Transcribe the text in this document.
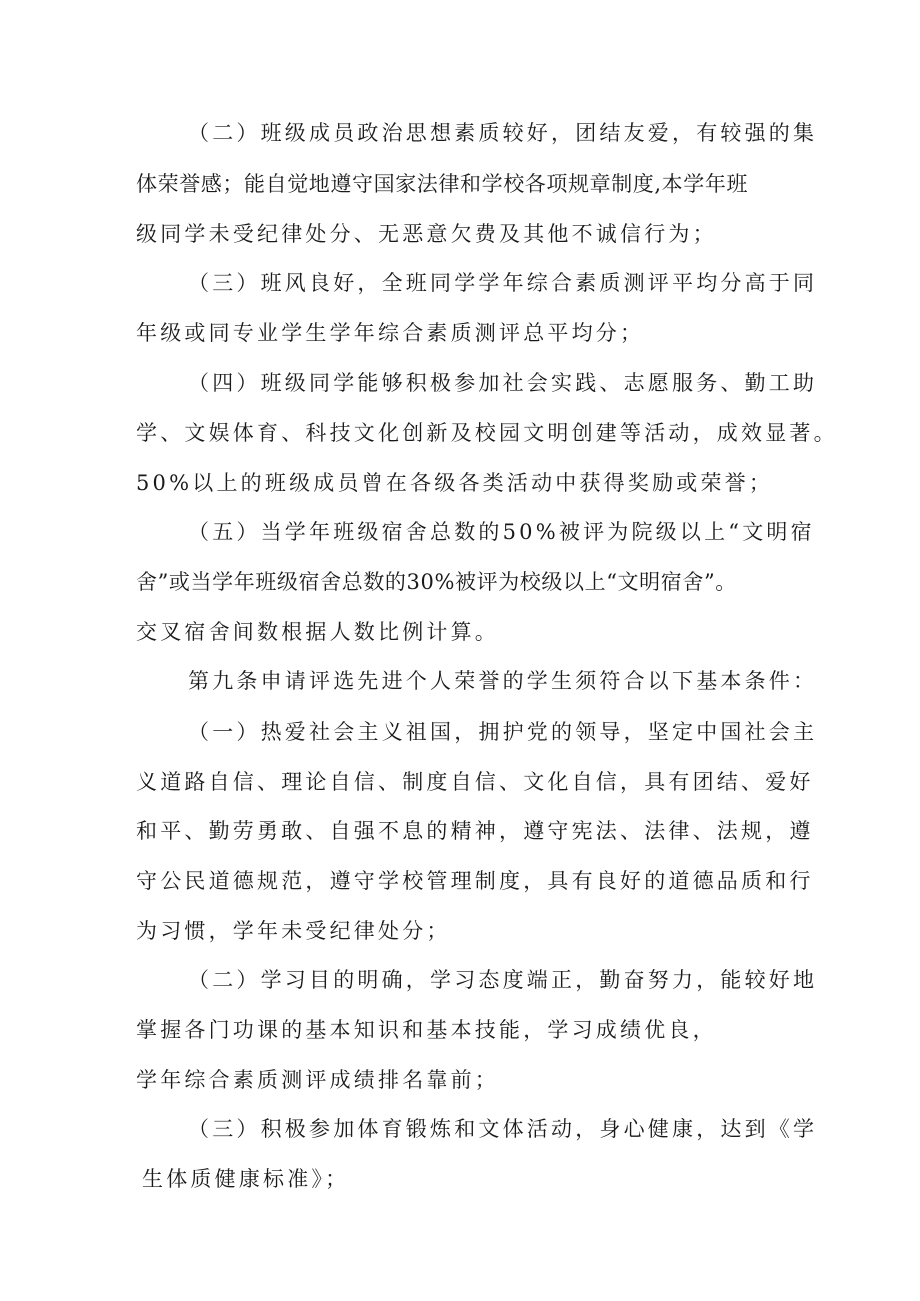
（二）班级成员政治思想素质较好，团结友爱，有较强的集
体荣誉感；能自觉地遵守国家法律和学校各项规章制度,本学年班
级同学未受纪律处分、无恶意欠费及其他不诚信行为；
（三）班风良好，全班同学学年综合素质测评平均分高于同
年级或同专业学生学年综合素质测评总平均分；
（四）班级同学能够积极参加社会实践、志愿服务、勤工助
学、文娱体育、科技文化创新及校园文明创建等活动，成效显著。
50%以上的班级成员曾在各级各类活动中获得奖励或荣誉；
（五）当学年班级宿舍总数的50%被评为院级以上“文明宿
舍”或当学年班级宿舍总数的30%被评为校级以上“文明宿舍”。
交叉宿舍间数根据人数比例计算。
第九条申请评选先进个人荣誉的学生须符合以下基本条件：
（一）热爱社会主义祖国，拥护党的领导，坚定中国社会主
义道路自信、理论自信、制度自信、文化自信，具有团结、爱好
和平、勤劳勇敢、自强不息的精神，遵守宪法、法律、法规，遵
守公民道德规范，遵守学校管理制度，具有良好的道德品质和行
为习惯，学年未受纪律处分；
（二）学习目的明确，学习态度端正，勤奋努力，能较好地
掌握各门功课的基本知识和基本技能，学习成绩优良，
学年综合素质测评成绩排名靠前；
（三）积极参加体育锻炼和文体活动，身心健康，达到《学
生体质健康标准》；
